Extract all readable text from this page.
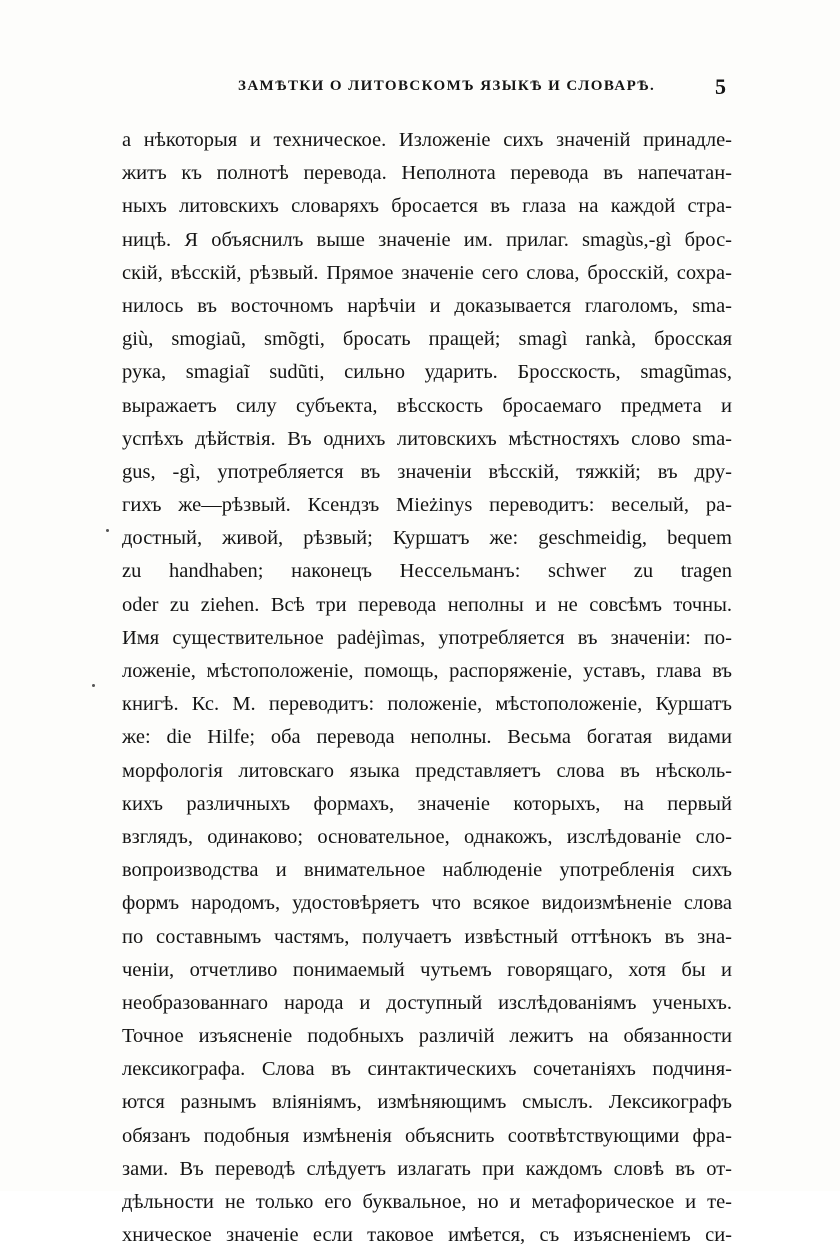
ЗАМѢТКИ О ЛИТОВСКОМЪ ЯЗЫКѢ И СЛОВАРѢ.	5
а нѣкоторыя и техническое. Изложенiе сихъ значенiй принадле-
житъ къ полнотѣ перевода. Неполнота перевода въ напечатан-
ныхъ литовскихъ словаряхъ бросается въ глаза на каждой стра-
ницѣ. Я объяснилъ выше значенiе им. прилаг. smagùs,-gì брос-
скiй, вѣсскiй, рѣзвый. Прямое значенiе сего слова, бросскiй, сохра-
нилось въ восточномъ нарѣчiи и доказывается глаголомъ, sma-
giù, smogiaũ, smõgti, бросать пращей; smagì rankà, бросская
рука, smagiaĩ sudũti, сильно ударить. Бросскость, smagũmas,
выражаетъ силу субъекта, вѣсскость бросаемаго предмета и
успѣхъ дѣйствiя. Въ однихъ литовскихъ мѣстностяхъ слово sma-
gus, -gì, употребляется въ значенiи вѣсскiй, тяжкiй; въ дру-
гихъ же—рѣзвый. Ксендзъ Mieżinys переводитъ: веселый, ра-
достный, живой, рѣзвый; Куршатъ же: geschmeidig, bequem
zu handhaben; наконецъ Нессельманъ: schwer zu tragen
oder zu ziehen. Всѣ три перевода неполны и не совсѣмъ точны.
Имя существительное padėjìmas, употребляется въ значенiи: по-
ложенiе, мѣстоположенiе, помощь, распоряженiе, уставъ, глава въ
книгѣ. Кс. М. переводитъ: положенiе, мѣстоположенiе, Куршатъ
же: die Hilfe; оба перевода неполны. Весьма богатая видами
морфологiя литовскаго языка представляетъ слова въ нѣсколь-
кихъ различныхъ формахъ, значенiе которыхъ, на первый
взглядъ, одинаково; основательное, однакожъ, изслѣдованiе сло-
вопроизводства и внимательное наблюденiе употребленiя сихъ
формъ народомъ, удостовѣряетъ что всякое видоизмѣненiе слова
по составнымъ частямъ, получаетъ извѣстный оттѣнокъ въ зна-
ченiи, отчетливо понимаемый чутьемъ говорящаго, хотя бы и
необразованнаго народа и доступный изслѣдованiямъ ученыхъ.
Точное изъясненiе подобныхъ различiй лежитъ на обязанности
лексикографа. Слова въ синтактическихъ сочетанiяхъ подчиня-
ются разнымъ влiянiямъ, измѣняющимъ смыслъ. Лексикографъ
обязанъ подобныя измѣненiя объяснить соотвѣтствующими фра-
зами. Въ переводѣ слѣдуетъ излагать при каждомъ словѣ въ от-
дѣльности не только его буквальное, но и метафорическое и те-
хническое значенiе если таковое имѣется, съ изъясненiемъ си-
